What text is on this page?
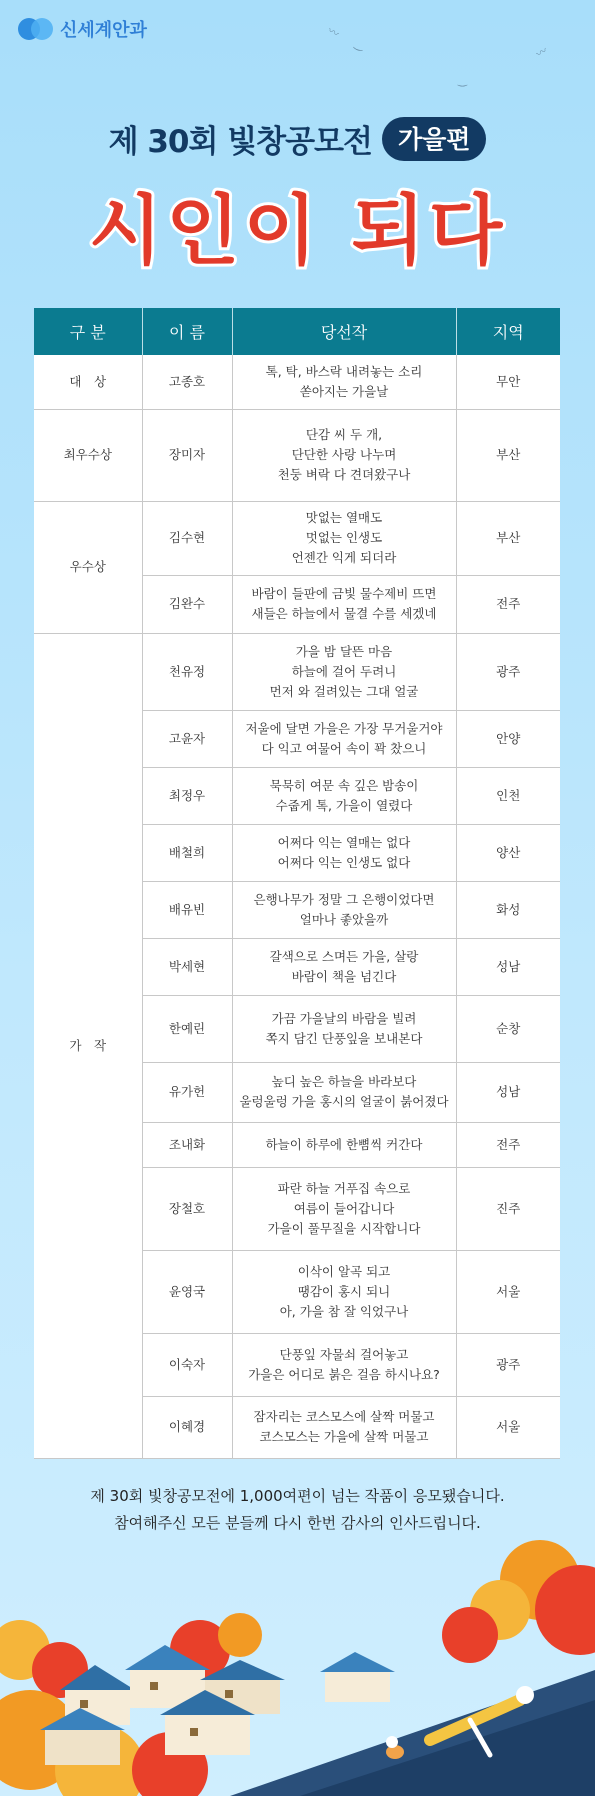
신세계안과	〰
‿	〰
‿
제 30회 빛창공모전	가을편
시인이 되다
구 분	이 름	당선작	지역
대　상	고종호	톡, 탁, 바스락 내려놓는 소리
쏟아지는 가을날	무안
최우수상	장미자	단감 씨 두 개,
단단한 사랑 나누며
천둥 벼락 다 견뎌왔구나	부산
우수상	김수현	맛없는 열매도
멋없는 인생도
언젠간 익게 되더라	부산
	김완수	바람이 들판에 금빛 물수제비 뜨면
새들은 하늘에서 물결 수를 세겠네	전주
가　작	천유정	가을 밤 달뜬 마음
하늘에 걸어 두려니
먼저 와 걸려있는 그대 얼굴	광주
	고윤자	저울에 달면 가을은 가장 무거울거야
다 익고 여물어 속이 꽉 찼으니	안양
	최정우	묵묵히 여문 속 깊은 밤송이
수줍게 톡, 가을이 열렸다	인천
	배철희	어쩌다 익는 열매는 없다
어쩌다 익는 인생도 없다	양산
	배유빈	은행나무가 정말 그 은행이었다면
얼마나 좋았을까	화성
	박세현	갈색으로 스며든 가을, 살랑
바람이 책을 넘긴다	성남
	한예린	가끔 가을날의 바람을 빌려
쪽지 담긴 단풍잎을 보내본다	순창
	유가헌	높디 높은 하늘을 바라보다
울렁울렁 가을 홍시의 얼굴이 붉어졌다	성남
	조내화	하늘이 하루에 한뼘씩 커간다	전주
	장철호	파란 하늘 거푸집 속으로
여름이 들어갑니다
가을이 풀무질을 시작합니다	진주
	윤영국	이삭이 알곡 되고
땡감이 홍시 되니
아, 가을 참 잘 익었구나	서울
	이숙자	단풍잎 자물쇠 걸어놓고
가을은 어디로 붉은 걸음 하시나요?	광주
	이혜경	잠자리는 코스모스에 살짝 머물고
코스모스는 가을에 살짝 머물고	서울
제 30회 빛창공모전에 1,000여편이 넘는 작품이 응모됐습니다.
참여해주신 모든 분들께 다시 한번 감사의 인사드립니다.
